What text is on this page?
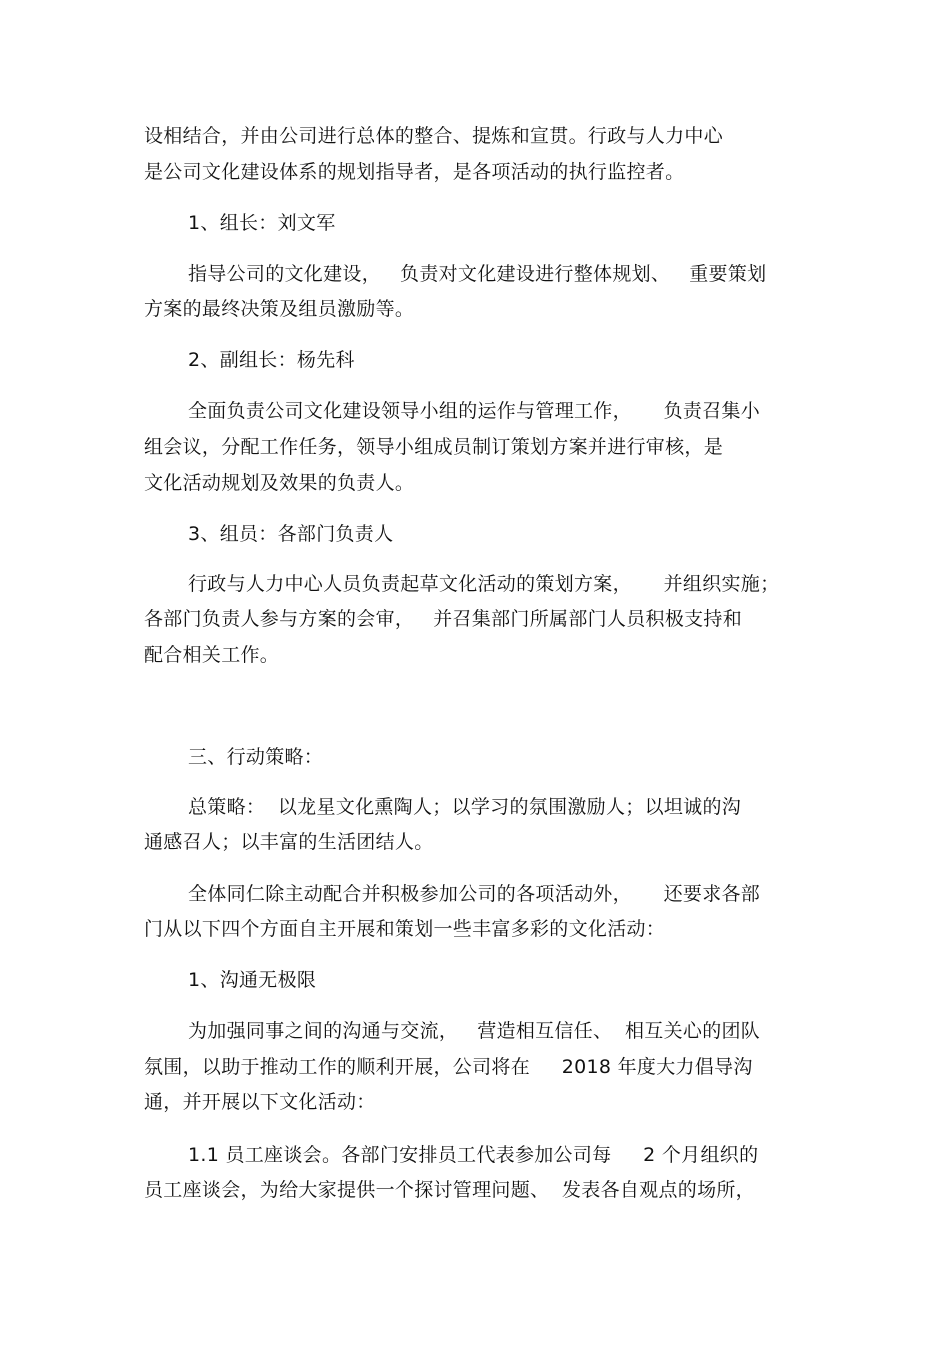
设相结合，并由公司进行总体的整合、提炼和宣贯。行政与人力中心
是公司文化建设体系的规划指导者，是各项活动的执行监控者。
1、组长：刘文军
指导公司的文化建设，   负责对文化建设进行整体规划、   重要策划
方案的最终决策及组员激励等。
2、副组长：杨先科
全面负责公司文化建设领导小组的运作与管理工作，     负责召集小
组会议，分配工作任务，领导小组成员制订策划方案并进行审核，是
文化活动规划及效果的负责人。
3、组员：各部门负责人
行政与人力中心人员负责起草文化活动的策划方案，     并组织实施；
各部门负责人参与方案的会审，   并召集部门所属部门人员积极支持和
配合相关工作。
三、行动策略：
总策略：  以龙星文化熏陶人；以学习的氛围激励人；以坦诚的沟
通感召人；以丰富的生活团结人。
全体同仁除主动配合并积极参加公司的各项活动外，     还要求各部
门从以下四个方面自主开展和策划一些丰富多彩的文化活动：
1、沟通无极限
为加强同事之间的沟通与交流，   营造相互信任、  相互关心的团队
氛围，以助于推动工作的顺利开展，公司将在     2018 年度大力倡导沟
通，并开展以下文化活动：
1.1 员工座谈会。各部门安排员工代表参加公司每     2 个月组织的
员工座谈会，为给大家提供一个探讨管理问题、  发表各自观点的场所，
